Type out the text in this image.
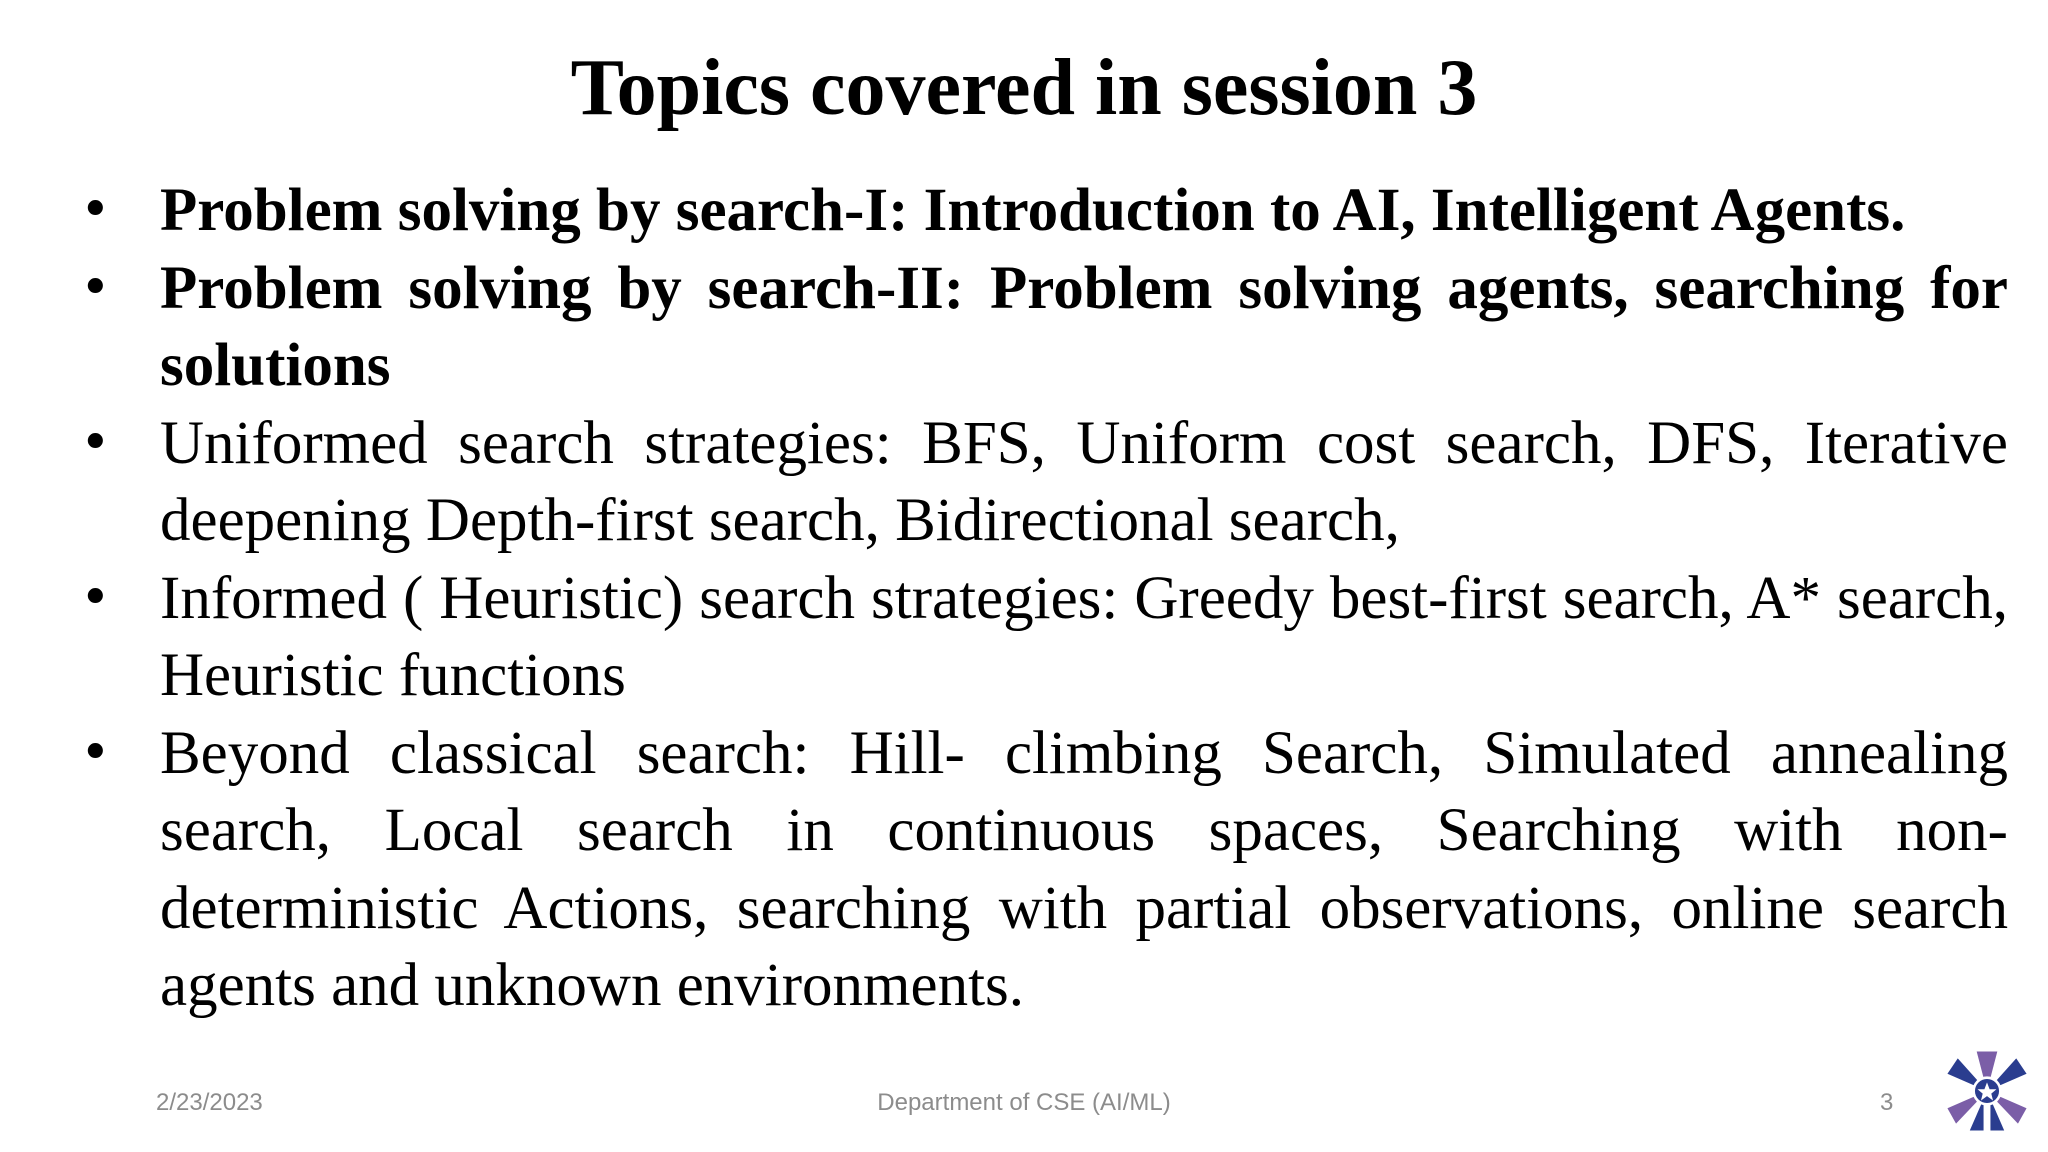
Topics covered in session 3
• Problem solving by search-I: Introduction to AI, Intelligent Agents.
• Problem solving by search-II: Problem solving agents, searching for solutions
• Uniformed search strategies: BFS, Uniform cost search, DFS, Iterative deepening Depth-first search, Bidirectional search,
• Informed ( Heuristic) search strategies: Greedy best-first search, A* search, Heuristic functions
• Beyond classical search: Hill- climbing Search, Simulated annealing search, Local search in continuous spaces, Searching with non-deterministic Actions, searching with partial observations, online search agents and unknown environments.
2/23/2023	Department of CSE (AI/ML)	3
